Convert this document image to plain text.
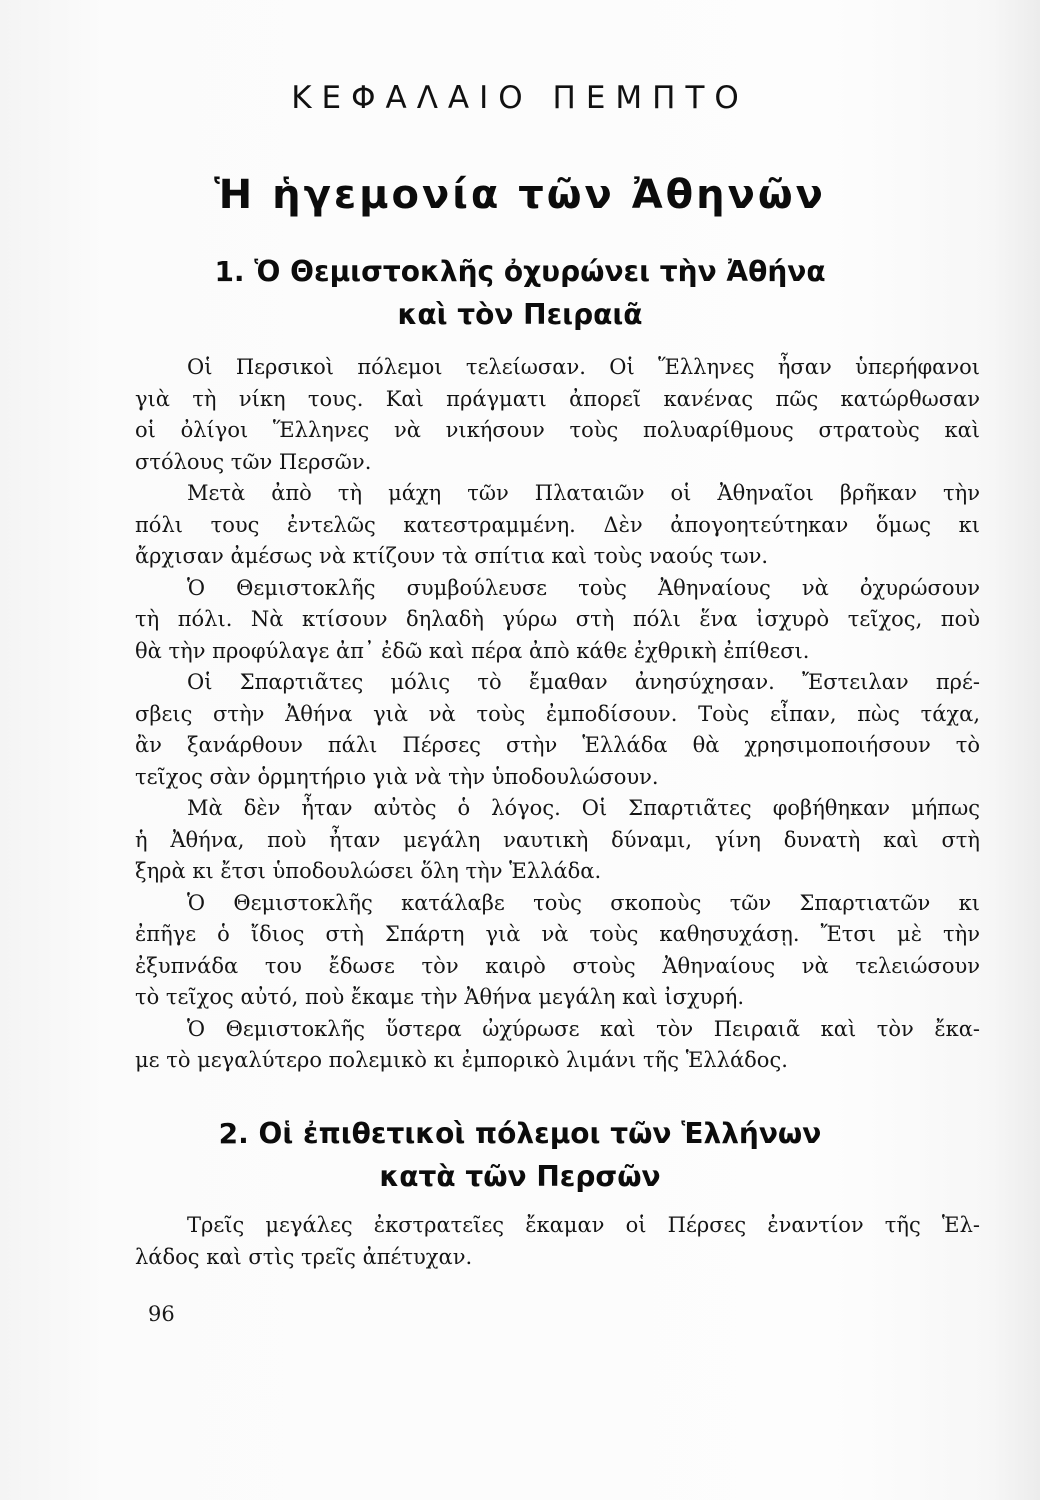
ΚΕΦΑΛΑΙΟ ΠΕΜΠΤΟ
Ἡ ἡγεμονία τῶν Ἀθηνῶν
1. Ὁ Θεμιστοκλῆς ὀχυρώνει τὴν Ἀθήνα
καὶ τὸν Πειραιᾶ
Οἱ Περσικοὶ πόλεμοι τελείωσαν. Οἱ Ἕλληνες ἦσαν ὑπερήφανοι
γιὰ τὴ νίκη τους. Καὶ πράγματι ἀπορεῖ κανένας πῶς κατώρθωσαν
οἱ ὀλίγοι Ἕλληνες νὰ νικήσουν τοὺς πολυαρίθμους στρατοὺς καὶ
στόλους τῶν Περσῶν.
Μετὰ ἀπὸ τὴ μάχη τῶν Πλαταιῶν οἱ Ἀθηναῖοι βρῆκαν τὴν
πόλι τους ἐντελῶς κατεστραμμένη. Δὲν ἀπογοητεύτηκαν ὅμως κι
ἄρχισαν ἀμέσως νὰ κτίζουν τὰ σπίτια καὶ τοὺς ναούς των.
Ὁ Θεμιστοκλῆς συμβούλευσε τοὺς Ἀθηναίους νὰ ὀχυρώσουν
τὴ πόλι. Νὰ κτίσουν δηλαδὴ γύρω στὴ πόλι ἕνα ἰσχυρὸ τεῖχος, ποὺ
θὰ τὴν προφύλαγε ἀπ᾽ ἐδῶ καὶ πέρα ἀπὸ κάθε ἐχθρικὴ ἐπίθεσι.
Οἱ Σπαρτιᾶτες μόλις τὸ ἔμαθαν ἀνησύχησαν. Ἔστειλαν πρέ-
σβεις στὴν Ἀθήνα γιὰ νὰ τοὺς ἐμποδίσουν. Τοὺς εἶπαν, πὼς τάχα,
ἂν ξανάρθουν πάλι Πέρσες στὴν Ἑλλάδα θὰ χρησιμοποιήσουν τὸ
τεῖχος σὰν ὁρμητήριο γιὰ νὰ τὴν ὑποδουλώσουν.
Μὰ δὲν ἦταν αὐτὸς ὁ λόγος. Οἱ Σπαρτιᾶτες φοβήθηκαν μήπως
ἡ Ἀθήνα, ποὺ ἦταν μεγάλη ναυτικὴ δύναμι, γίνη δυνατὴ καὶ στὴ
ξηρὰ κι ἔτσι ὑποδουλώσει ὅλη τὴν Ἑλλάδα.
Ὁ Θεμιστοκλῆς κατάλαβε τοὺς σκοποὺς τῶν Σπαρτιατῶν κι
ἐπῆγε ὁ ἴδιος στὴ Σπάρτη γιὰ νὰ τοὺς καθησυχάσῃ. Ἔτσι μὲ τὴν
ἐξυπνάδα του ἔδωσε τὸν καιρὸ στοὺς Ἀθηναίους νὰ τελειώσουν
τὸ τεῖχος αὐτό, ποὺ ἔκαμε τὴν Ἀθήνα μεγάλη καὶ ἰσχυρή.
Ὁ Θεμιστοκλῆς ὕστερα ὠχύρωσε καὶ τὸν Πειραιᾶ καὶ τὸν ἔκα-
με τὸ μεγαλύτερο πολεμικὸ κι ἐμπορικὸ λιμάνι τῆς Ἑλλάδος.
2. Οἱ ἐπιθετικοὶ πόλεμοι τῶν Ἑλλήνων
κατὰ τῶν Περσῶν
Τρεῖς μεγάλες ἐκστρατεῖες ἔκαμαν οἱ Πέρσες ἐναντίον τῆς Ἑλ-
λάδος καὶ στὶς τρεῖς ἀπέτυχαν.
96
